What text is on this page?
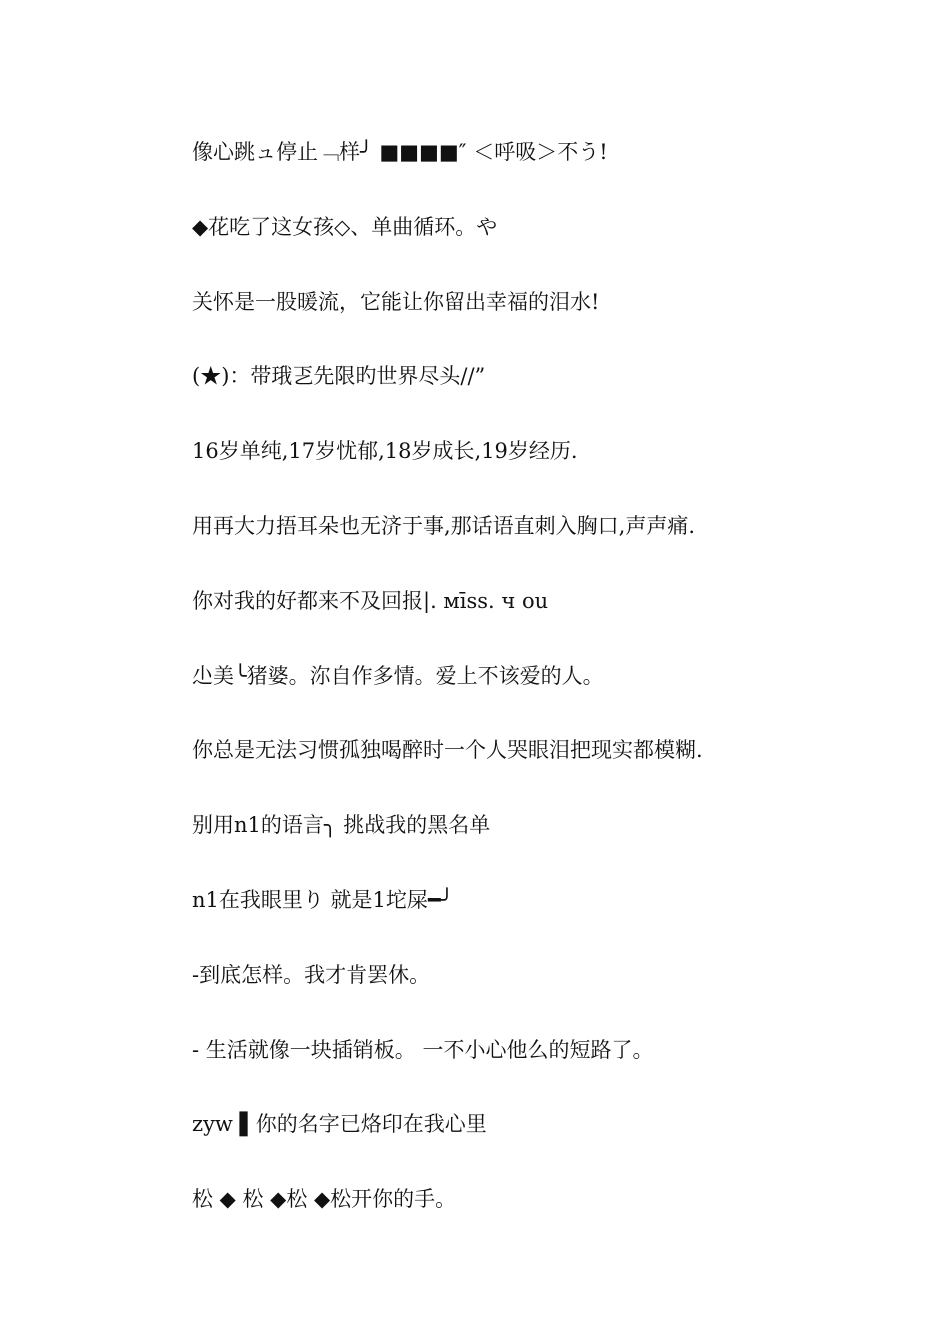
像心跳ュ停止﹁样╯ ■■■■″ ＜呼吸＞不う!
◆花吃了这女孩◇、单曲循环。や
关怀是一股暖流，它能让你留出幸福的泪水!
(★)：带珴乤先限旳世界尽头//”
16岁单纯,17岁忧郁,18岁成长,19岁经历.
用再大力捂耳朵也无济于事,那话语直刺入胸口,声声痛.
你对我的好都来不及回报|. мīss. ч ou
尐美╰猪婆。沵自作多情。爱上不该爱的人。
你总是无法习惯孤独喝醉时一个人哭眼泪把现实都模糊.
别用n1的语言╮ 挑战我的黑名单
n1在我眼里り 就是1坨屎━╯
-到底怎样。我才肯罢休。
- 生活就像一块插销板。 一不小心他么的短路了。
zyw ▌你的名字已烙印在我心里
松 ◆ 松 ◆松 ◆松开你的手。
